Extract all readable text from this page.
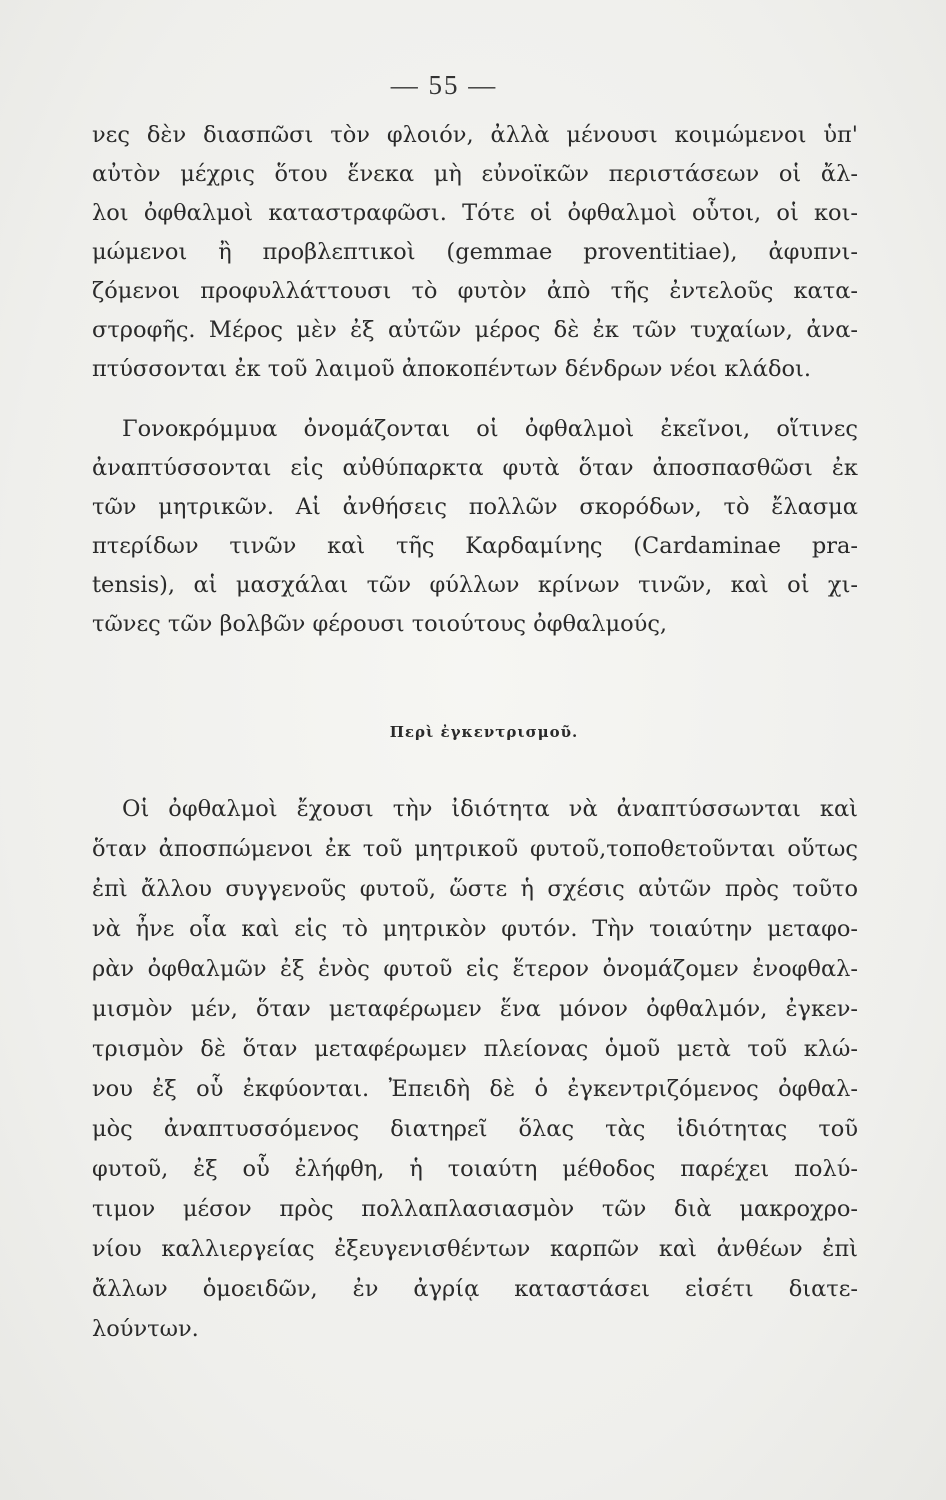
— 55 —
νες δὲν διασπῶσι τὸν φλοιόν, ἀλλὰ μένουσι κοιμώμενοι ὑπ'
αὐτὸν μέχρις ὅτου ἕνεκα μὴ εὐνοϊκῶν περιστάσεων οἱ ἄλ-
λοι ὀφθαλμοὶ καταστραφῶσι. Τότε οἱ ὀφθαλμοὶ οὗτοι, οἱ κοι-
μώμενοι ἢ προβλεπτικοὶ (gemmae proventitiae), ἀφυπνι-
ζόμενοι προφυλλάττουσι τὸ φυτὸν ἀπὸ τῆς ἐντελοῦς κατα-
στροφῆς. Μέρος μὲν ἐξ αὐτῶν μέρος δὲ ἐκ τῶν τυχαίων, ἀνα-
πτύσσονται ἐκ τοῦ λαιμοῦ ἀποκοπέντων δένδρων νέοι κλάδοι.
Γονοκρόμμυα ὀνομάζονται οἱ ὀφθαλμοὶ ἐκεῖνοι, οἵτινες
ἀναπτύσσονται εἰς αὐθύπαρκτα φυτὰ ὅταν ἀποσπασθῶσι ἐκ
τῶν μητρικῶν. Αἱ ἀνθήσεις πολλῶν σκορόδων, τὸ ἔλασμα
πτερίδων τινῶν καὶ τῆς Καρδαμίνης (Cardaminae pra-
tensis), αἱ μασχάλαι τῶν φύλλων κρίνων τινῶν, καὶ οἱ χι-
τῶνες τῶν βολβῶν φέρουσι τοιούτους ὀφθαλμούς,
Περὶ ἐγκεντρισμοῦ.
Οἱ ὀφθαλμοὶ ἔχουσι τὴν ἰδιότητα νὰ ἀναπτύσσωνται καὶ
ὅταν ἀποσπώμενοι ἐκ τοῦ μητρικοῦ φυτοῦ,τοποθετοῦνται οὕτως
ἐπὶ ἄλλου συγγενοῦς φυτοῦ, ὥστε ἡ σχέσις αὐτῶν πρὸς τοῦτο
νὰ ἦνε οἷα καὶ εἰς τὸ μητρικὸν φυτόν. Τὴν τοιαύτην μεταφο-
ρὰν ὀφθαλμῶν ἐξ ἑνὸς φυτοῦ εἰς ἕτερον ὀνομάζομεν ἐνοφθαλ-
μισμὸν μέν, ὅταν μεταφέρωμεν ἕνα μόνον ὀφθαλμόν, ἐγκεν-
τρισμὸν δὲ ὅταν μεταφέρωμεν πλείονας ὁμοῦ μετὰ τοῦ κλώ-
νου ἐξ οὗ ἐκφύονται. Ἐπειδὴ δὲ ὁ ἐγκεντριζόμενος ὀφθαλ-
μὸς ἀναπτυσσόμενος διατηρεῖ ὅλας τὰς ἰδιότητας τοῦ
φυτοῦ, ἐξ οὗ ἐλήφθη, ἡ τοιαύτη μέθοδος παρέχει πολύ-
τιμον μέσον πρὸς πολλαπλασιασμὸν τῶν διὰ μακροχρο-
νίου καλλιεργείας ἐξευγενισθέντων καρπῶν καὶ ἀνθέων ἐπὶ
ἄλλων ὁμοειδῶν, ἐν ἀγρίᾳ καταστάσει εἰσέτι διατε-
λούντων.
